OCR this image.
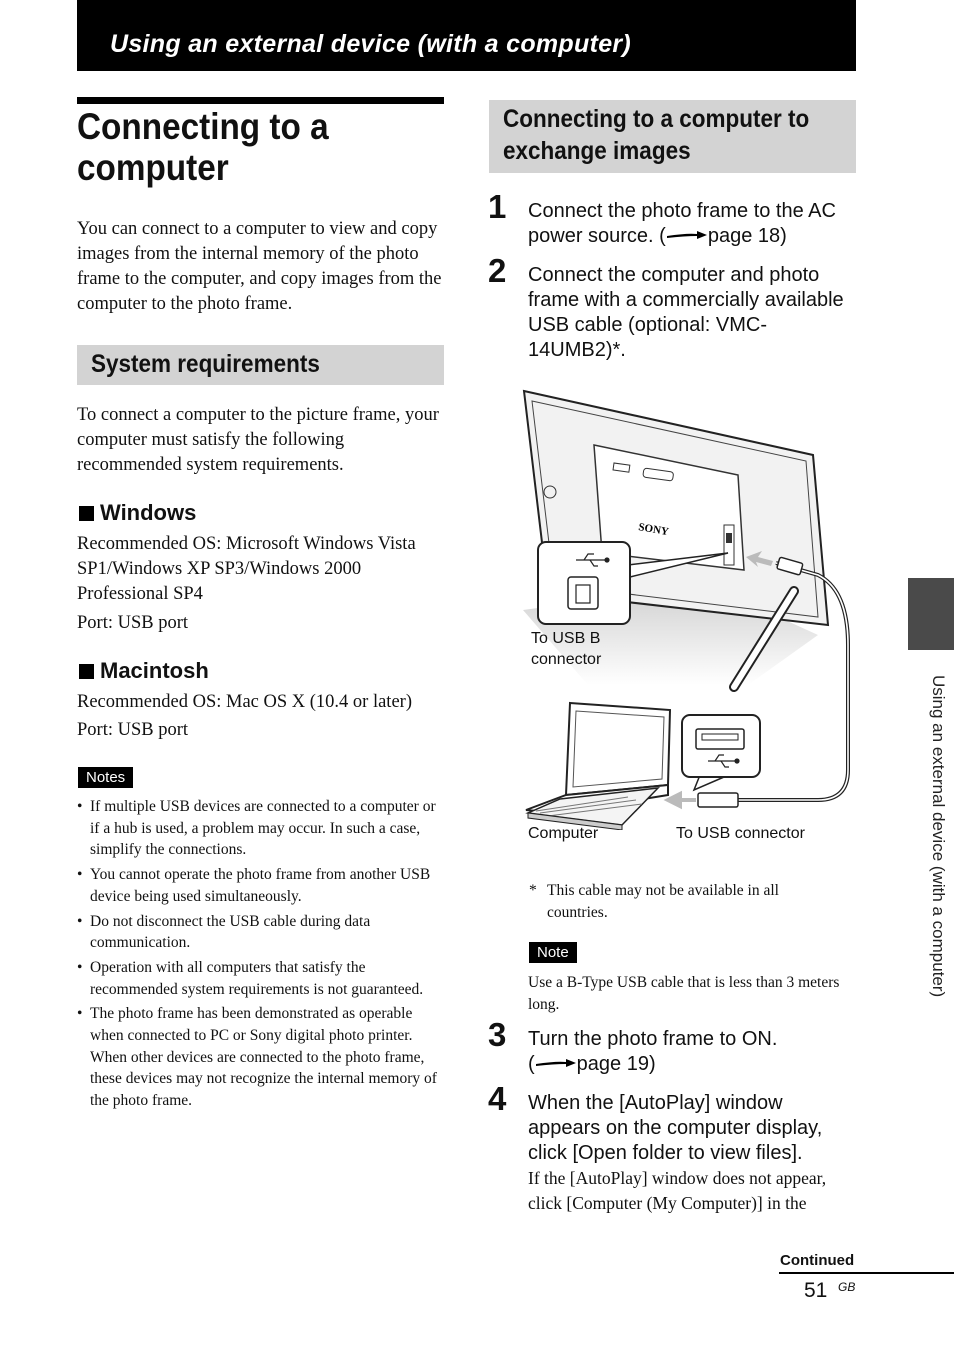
Using an external device (with a computer)
Connecting to a
computer
You can connect to a computer to view and copy images from the internal memory of the photo frame to the computer, and copy images from the computer to the photo frame.
System requirements
To connect a computer to the picture frame, your computer must satisfy the following recommended system requirements.
Windows
Recommended OS: Microsoft Windows Vista SP1/Windows XP SP3/Windows 2000 Professional SP4
Port: USB port
Macintosh
Recommended OS: Mac OS X (10.4 or later)
Port: USB port
Notes
• If multiple USB devices are connected to a computer or if a hub is used, a problem may occur. In such a case, simplify the connections.
• You cannot operate the photo frame from another USB device being used simultaneously.
• Do not disconnect the USB cable during data communication.
• Operation with all computers that satisfy the recommended system requirements is not guaranteed.
• The photo frame has been demonstrated as operable when connected to PC or Sony digital photo printer. When other devices are connected to the photo frame, these devices may not recognize the internal memory of the photo frame.
Connecting to a computer to exchange images
1 Connect the photo frame to the AC power source. ( page 18)
2 Connect the computer and photo frame with a commercially available USB cable (optional: VMC-14UMB2)*.
SONY
To USB B connector
Computer	To USB connector
* This cable may not be available in all countries.
Note
Use a B-Type USB cable that is less than 3 meters long.
3 Turn the photo frame to ON.
( page 19)
4 When the [AutoPlay] window appears on the computer display, click [Open folder to view files].
If the [AutoPlay] window does not appear, click [Computer (My Computer)] in the
Using an external device (with a computer)
Continued
51 GB
